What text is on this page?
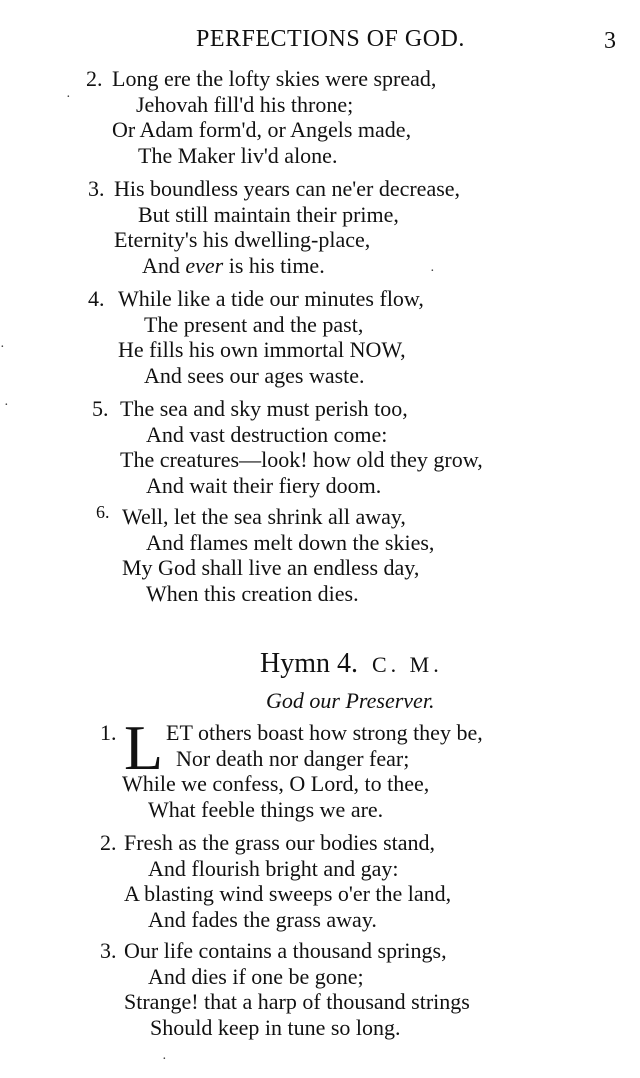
PERFECTIONS OF GOD.	3
2. Long ere the lofty skies were spread,

Jehovah fill'd his throne;

Or Adam form'd, or Angels made,

The Maker liv'd alone.

3. His boundless years can ne'er decrease,

But still maintain their prime,

Eternity's his dwelling-place,

And ever is his time.

4. While like a tide our minutes flow,

The present and the past,

He fills his own immortal NOW,

And sees our ages waste.

5. The sea and sky must perish too,

And vast destruction come:

The creatures—look! how old they grow,

And wait their fiery doom.

6. Well, let the sea shrink all away,

And flames melt down the skies,

My God shall live an endless day,

When this creation dies.

Hymn 4. C. M.
God our Preserver.
L
1. ET others boast how strong they be,

Nor death nor danger fear;

While we confess, O Lord, to thee,

What feeble things we are.

2. Fresh as the grass our bodies stand,

And flourish bright and gay:

A blasting wind sweeps o'er the land,

And fades the grass away.

3. Our life contains a thousand springs,

And dies if one be gone;

Strange! that a harp of thousand strings

Should keep in tune so long.

·
·
·
·
·
